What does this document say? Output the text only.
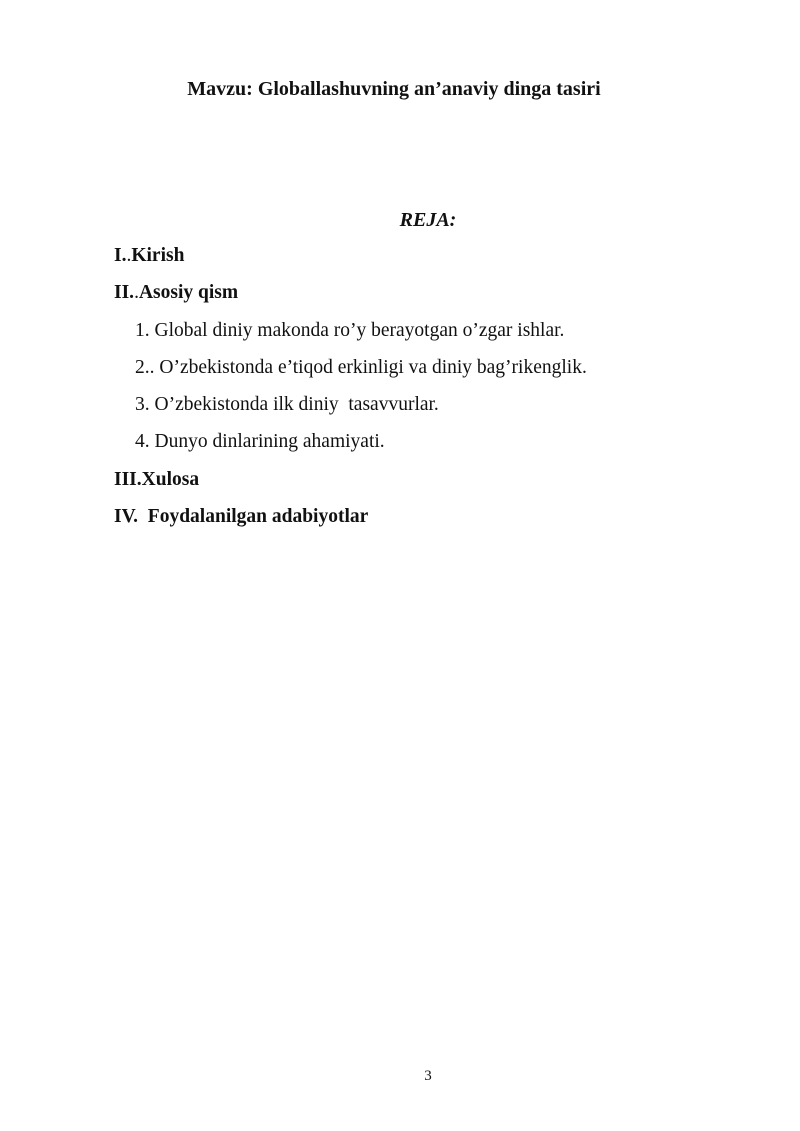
Mavzu: Globallashuvning an’anaviy dinga tasiri
REJA:
I..Kirish
II..Asosiy qism
1. Global diniy makonda ro’y berayotgan o’zgar ishlar.
2.. O’zbekistonda e’tiqod erkinligi va diniy bag’rikenglik.
3. O’zbekistonda ilk diniy  tasavvurlar.
4. Dunyo dinlarining ahamiyati.
III.Xulosa
IV. Foydalanilgan adabiyotlar
3
